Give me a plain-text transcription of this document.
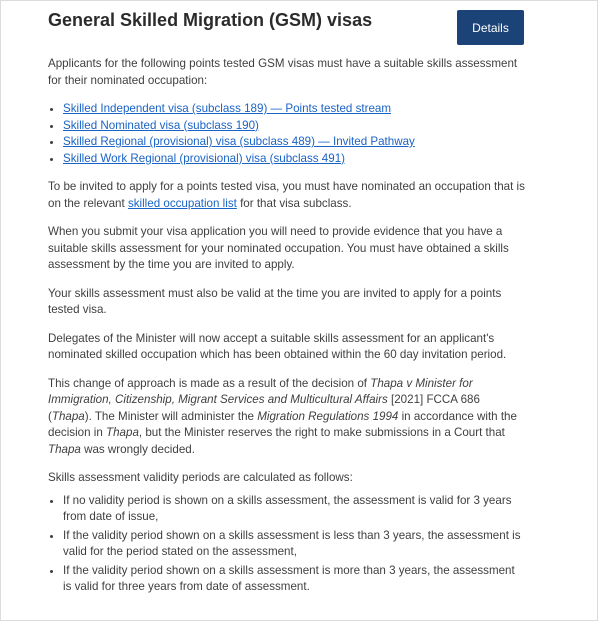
General Skilled Migration (GSM) visas	Details

Applicants for the following points tested GSM visas must have a suitable skills assessment for their nominated occupation:

• Skilled Independent visa (subclass 189) — Points tested stream
• Skilled Nominated visa (subclass 190)
• Skilled Regional (provisional) visa (subclass 489) — Invited Pathway
• Skilled Work Regional (provisional) visa (subclass 491)

To be invited to apply for a points tested visa, you must have nominated an occupation that is on the relevant skilled occupation list for that visa subclass.

When you submit your visa application you will need to provide evidence that you have a suitable skills assessment for your nominated occupation. You must have obtained a skills assessment by the time you are invited to apply.

Your skills assessment must also be valid at the time you are invited to apply for a points tested visa.

Delegates of the Minister will now accept a suitable skills assessment for an applicant's nominated skilled occupation which has been obtained within the 60 day invitation period.

This change of approach is made as a result of the decision of Thapa v Minister for Immigration, Citizenship, Migrant Services and Multicultural Affairs [2021] FCCA 686 (Thapa). The Minister will administer the Migration Regulations 1994 in accordance with the decision in Thapa, but the Minister reserves the right to make submissions in a Court that Thapa was wrongly decided.

Skills assessment validity periods are calculated as follows:

• If no validity period is shown on a skills assessment, the assessment is valid for 3 years from date of issue,
• If the validity period shown on a skills assessment is less than 3 years, the assessment is valid for the period stated on the assessment,
• If the validity period shown on a skills assessment is more than 3 years, the assessment is valid for three years from date of assessment.
